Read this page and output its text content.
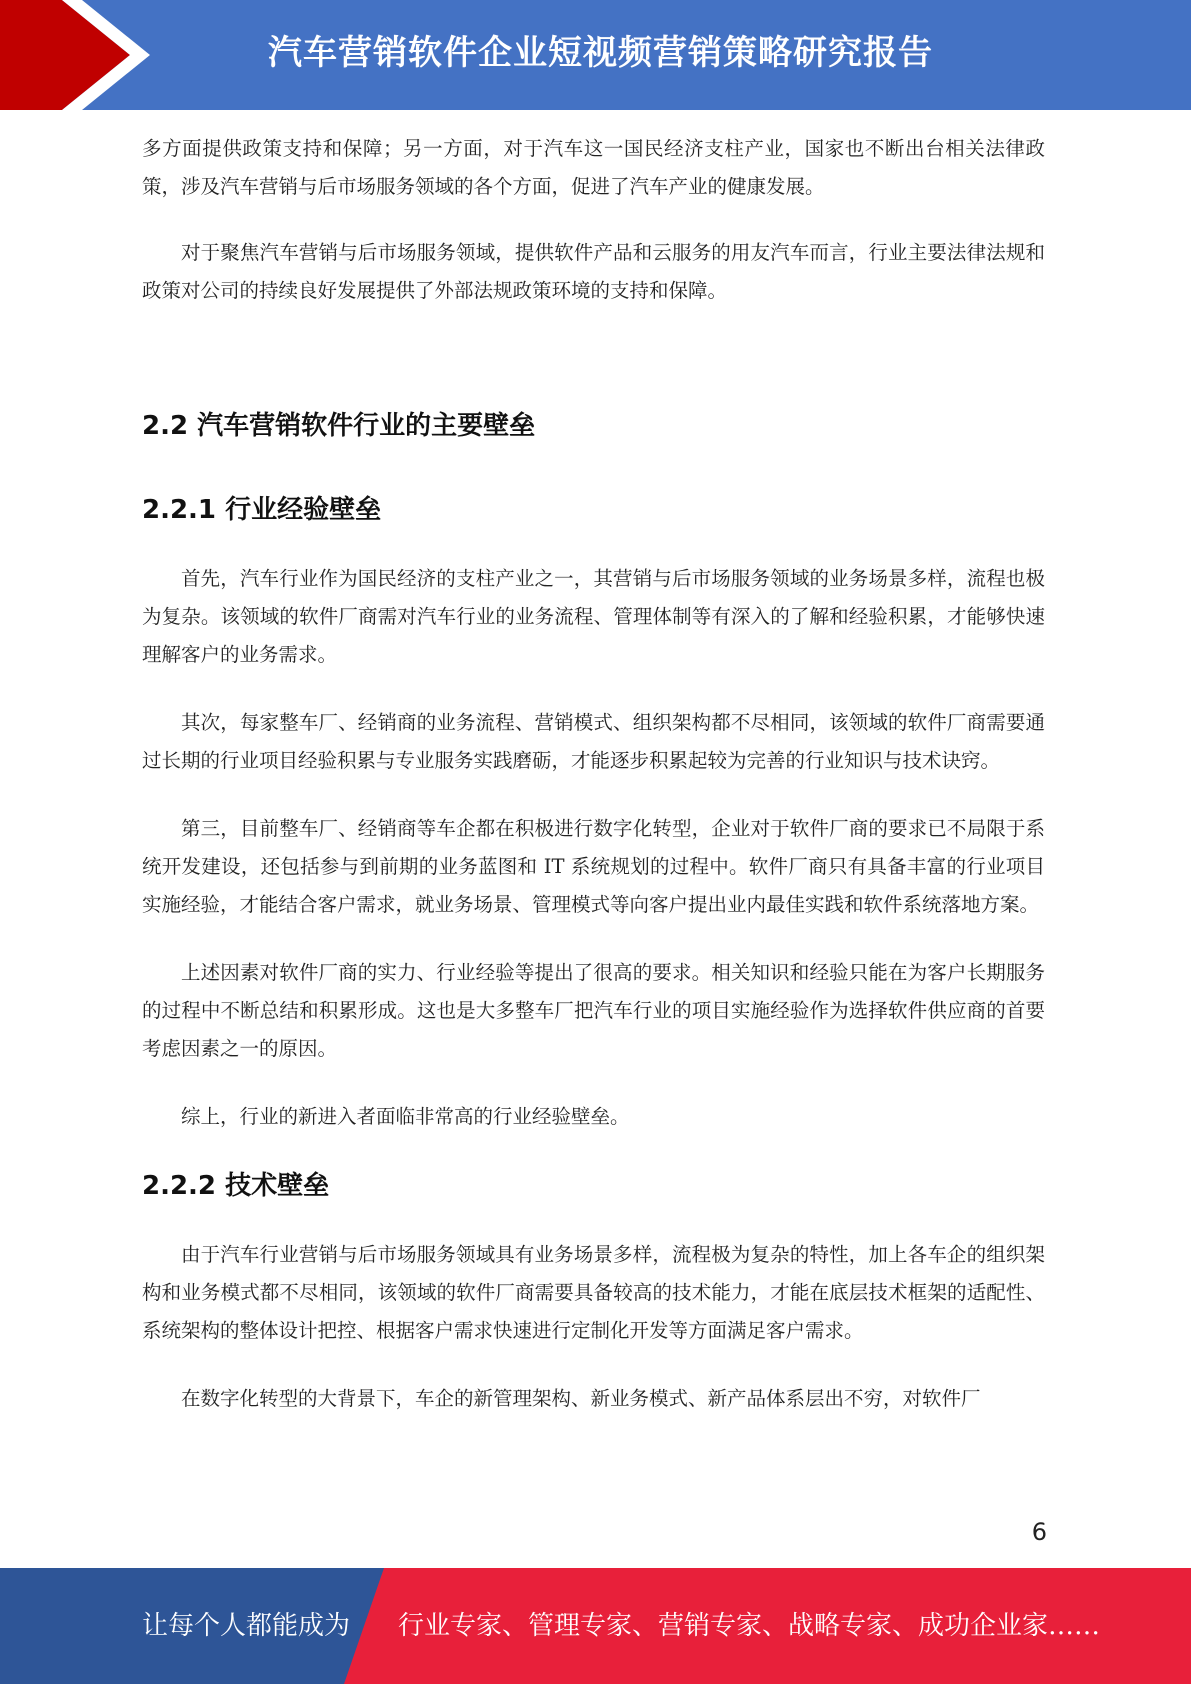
汽车营销软件企业短视频营销策略研究报告

多方面提供政策支持和保障；另一方面，对于汽车这一国民经济支柱产业，国家也不断出台相关法律政策，涉及汽车营销与后市场服务领域的各个方面，促进了汽车产业的健康发展。

对于聚焦汽车营销与后市场服务领域，提供软件产品和云服务的用友汽车而言，行业主要法律法规和政策对公司的持续良好发展提供了外部法规政策环境的支持和保障。

2.2 汽车营销软件行业的主要壁垒
2.2.1 行业经验壁垒

首先，汽车行业作为国民经济的支柱产业之一，其营销与后市场服务领域的业务场景多样，流程也极为复杂。该领域的软件厂商需对汽车行业的业务流程、管理体制等有深入的了解和经验积累，才能够快速理解客户的业务需求。

其次，每家整车厂、经销商的业务流程、营销模式、组织架构都不尽相同，该领域的软件厂商需要通过长期的行业项目经验积累与专业服务实践磨砺，才能逐步积累起较为完善的行业知识与技术诀窍。

第三，目前整车厂、经销商等车企都在积极进行数字化转型，企业对于软件厂商的要求已不局限于系统开发建设，还包括参与到前期的业务蓝图和 IT 系统规划的过程中。软件厂商只有具备丰富的行业项目实施经验，才能结合客户需求，就业务场景、管理模式等向客户提出业内最佳实践和软件系统落地方案。

上述因素对软件厂商的实力、行业经验等提出了很高的要求。相关知识和经验只能在为客户长期服务的过程中不断总结和积累形成。这也是大多整车厂把汽车行业的项目实施经验作为选择软件供应商的首要考虑因素之一的原因。

综上，行业的新进入者面临非常高的行业经验壁垒。

2.2.2 技术壁垒

由于汽车行业营销与后市场服务领域具有业务场景多样，流程极为复杂的特性，加上各车企的组织架构和业务模式都不尽相同，该领域的软件厂商需要具备较高的技术能力，才能在底层技术框架的适配性、系统架构的整体设计把控、根据客户需求快速进行定制化开发等方面满足客户需求。

在数字化转型的大背景下，车企的新管理架构、新业务模式、新产品体系层出不穷，对软件厂

6
让每个人都能成为 行业专家、管理专家、营销专家、战略专家、成功企业家……
